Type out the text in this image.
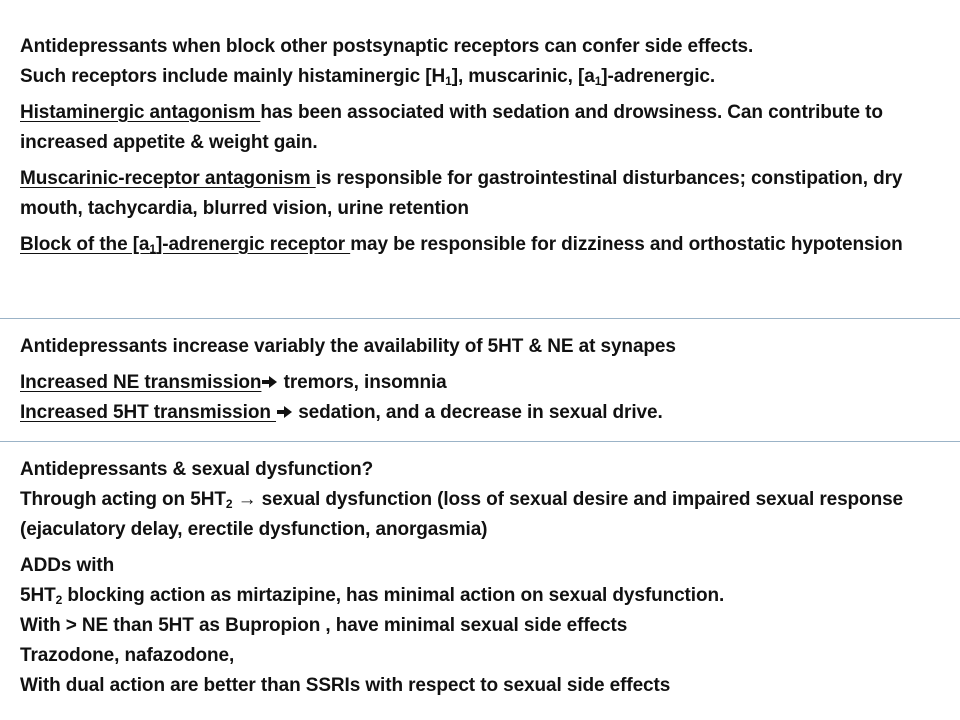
Antidepressants when block other postsynaptic receptors can confer side effects.
Such receptors include mainly histaminergic $[H_1]$, muscarinic, $[a_1]$-adrenergic.

Histaminergic antagonism has been associated with sedation and drowsiness. Can contribute to increased appetite & weight gain.

Muscarinic-receptor antagonism is responsible for gastrointestinal disturbances; constipation, dry mouth, tachycardia, blurred vision, urine retention

Block of the $[a_1]$-adrenergic receptor may be responsible for dizziness and orthostatic hypotension

Antidepressants increase variably the availability of 5HT & NE at synapes

Increased NE transmission tremors, insomnia
Increased 5HT transmission  sedation, and a decrease in sexual drive.

Antidepressants & sexual dysfunction?
Through acting on $5HT_2$ → sexual dysfunction (loss of sexual desire and impaired sexual response (ejaculatory delay, erectile dysfunction, anorgasmia)

ADDs with
$5HT_2$ blocking action as mirtazipine, has minimal action on sexual dysfunction.
With > NE than 5HT as Bupropion , have minimal sexual side effects
Trazodone, nafazodone,
With dual action are better than SSRIs with respect to sexual side effects
